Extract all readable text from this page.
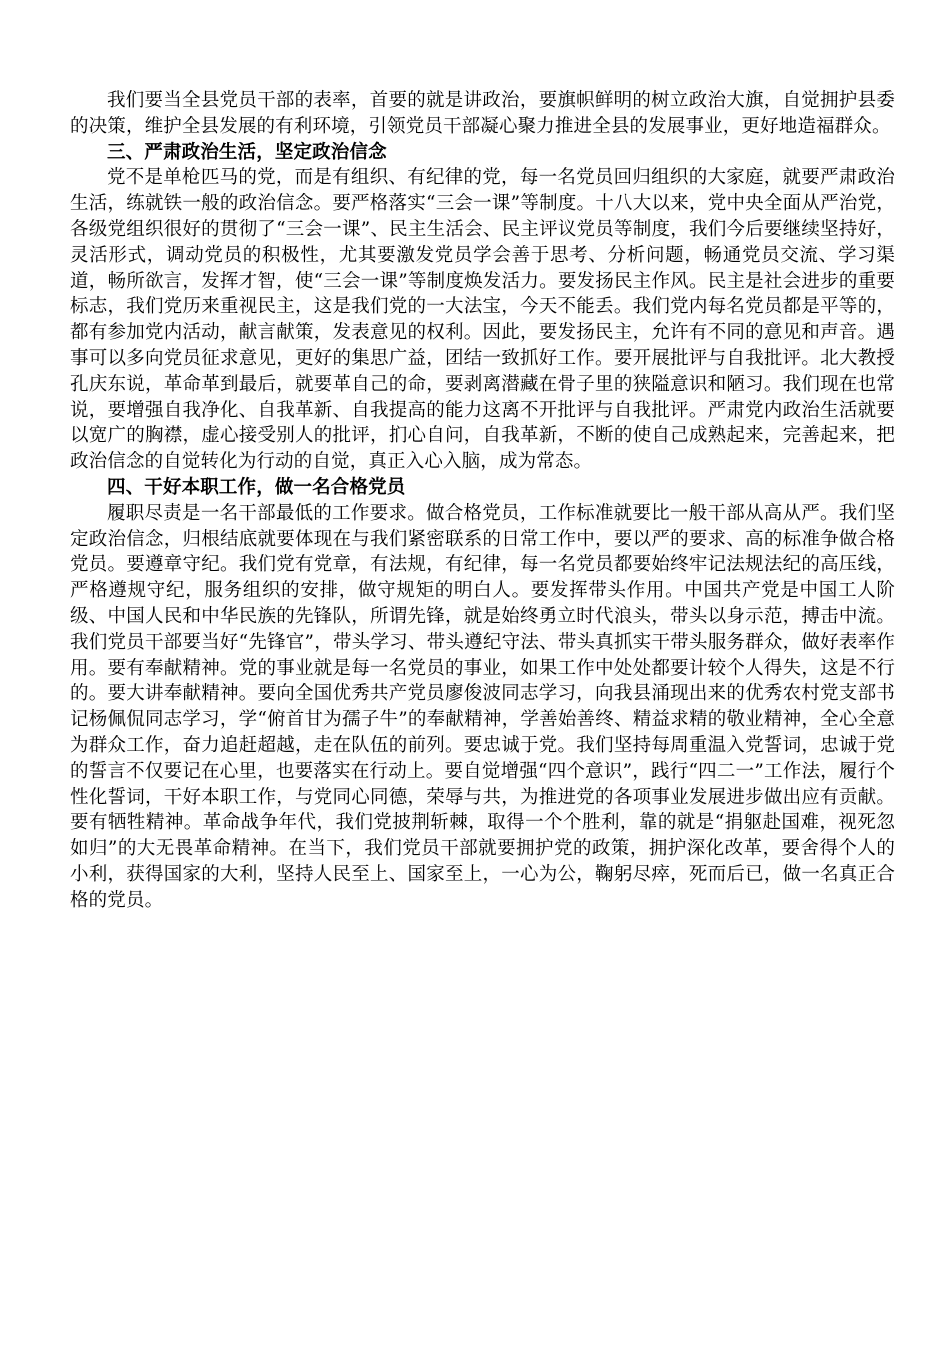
我们要当全县党员干部的表率，首要的就是讲政治，要旗帜鲜明的树立政治大旗，自觉拥护县委的决策，维护全县发展的有利环境，引领党员干部凝心聚力推进全县的发展事业，更好地造福群众。

三、严肃政治生活，坚定政治信念

党不是单枪匹马的党，而是有组织、有纪律的党，每一名党员回归组织的大家庭，就要严肃政治生活，练就铁一般的政治信念。要严格落实“三会一课”等制度。十八大以来，党中央全面从严治党，各级党组织很好的贯彻了“三会一课”、民主生活会、民主评议党员等制度，我们今后要继续坚持好，灵活形式，调动党员的积极性，尤其要激发党员学会善于思考、分析问题，畅通党员交流、学习渠道，畅所欲言，发挥才智，使“三会一课”等制度焕发活力。要发扬民主作风。民主是社会进步的重要标志，我们党历来重视民主，这是我们党的一大法宝，今天不能丢。我们党内每名党员都是平等的，都有参加党内活动，献言献策，发表意见的权利。因此，要发扬民主，允许有不同的意见和声音。遇事可以多向党员征求意见，更好的集思广益，团结一致抓好工作。要开展批评与自我批评。北大教授孔庆东说，革命革到最后，就要革自己的命，要剥离潜藏在骨子里的狭隘意识和陋习。我们现在也常说，要增强自我净化、自我革新、自我提高的能力这离不开批评与自我批评。严肃党内政治生活就要以宽广的胸襟，虚心接受别人的批评，扪心自问，自我革新，不断的使自己成熟起来，完善起来，把政治信念的自觉转化为行动的自觉，真正入心入脑，成为常态。

四、干好本职工作，做一名合格党员

履职尽责是一名干部最低的工作要求。做合格党员，工作标准就要比一般干部从高从严。我们坚定政治信念，归根结底就要体现在与我们紧密联系的日常工作中，要以严的要求、高的标准争做合格党员。要遵章守纪。我们党有党章，有法规，有纪律，每一名党员都要始终牢记法规法纪的高压线，严格遵规守纪，服务组织的安排，做守规矩的明白人。要发挥带头作用。中国共产党是中国工人阶级、中国人民和中华民族的先锋队，所谓先锋，就是始终勇立时代浪头，带头以身示范，搏击中流。我们党员干部要当好“先锋官”，带头学习、带头遵纪守法、带头真抓实干带头服务群众，做好表率作用。要有奉献精神。党的事业就是每一名党员的事业，如果工作中处处都要计较个人得失，这是不行的。要大讲奉献精神。要向全国优秀共产党员廖俊波同志学习，向我县涌现出来的优秀农村党支部书记杨佩侃同志学习，学“俯首甘为孺子牛”的奉献精神，学善始善终、精益求精的敬业精神，全心全意为群众工作，奋力追赶超越，走在队伍的前列。要忠诚于党。我们坚持每周重温入党誓词，忠诚于党的誓言不仅要记在心里，也要落实在行动上。要自觉增强“四个意识”，践行“四二一”工作法，履行个性化誓词，干好本职工作，与党同心同德，荣辱与共，为推进党的各项事业发展进步做出应有贡献。要有牺牲精神。革命战争年代，我们党披荆斩棘，取得一个个胜利，靠的就是“捐躯赴国难，视死忽如归”的大无畏革命精神。在当下，我们党员干部就要拥护党的政策，拥护深化改革，要舍得个人的小利，获得国家的大利，坚持人民至上、国家至上，一心为公，鞠躬尽瘁，死而后已，做一名真正合格的党员。
